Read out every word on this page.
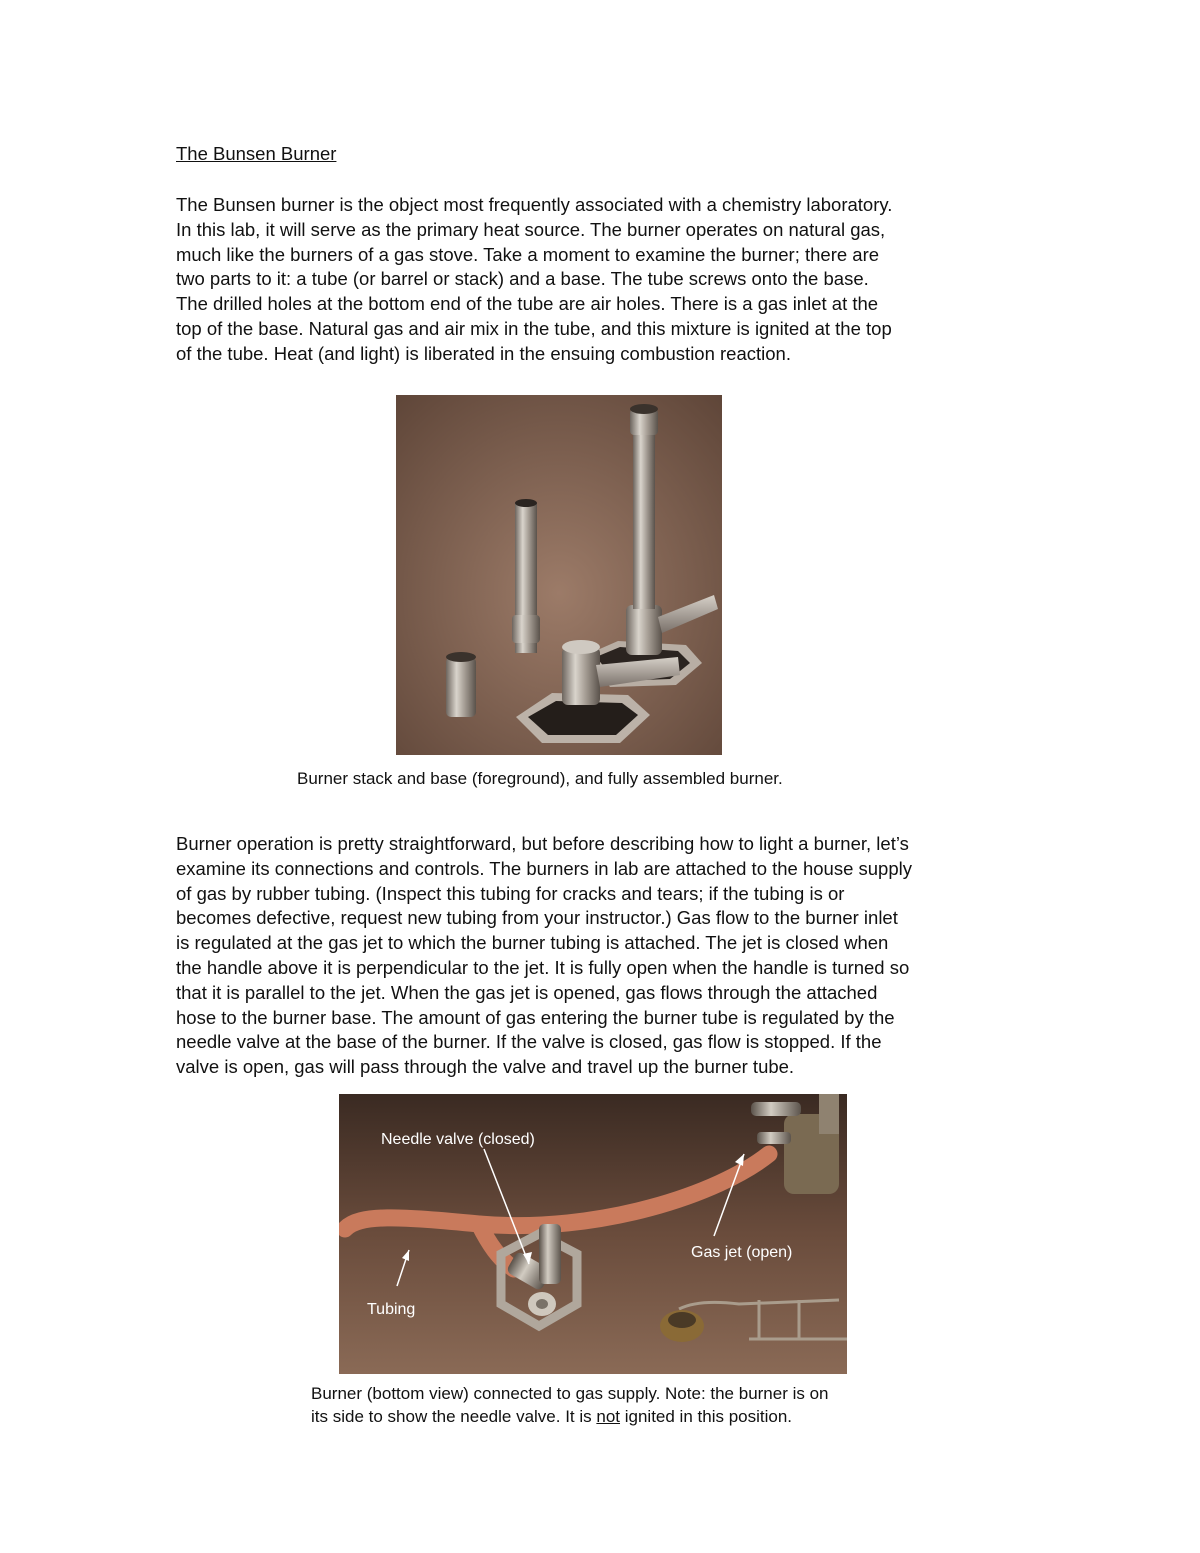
The Bunsen Burner
The Bunsen burner is the object most frequently associated with a chemistry laboratory.
In this lab, it will serve as the primary heat source. The burner operates on natural gas,
much like the burners of a gas stove. Take a moment to examine the burner; there are
two parts to it: a tube (or barrel or stack) and a base. The tube screws onto the base.
The drilled holes at the bottom end of the tube are air holes. There is a gas inlet at the
top of the base. Natural gas and air mix in the tube, and this mixture is ignited at the top
of the tube. Heat (and light) is liberated in the ensuing combustion reaction.
Burner stack and base (foreground), and fully assembled burner.
Burner operation is pretty straightforward, but before describing how to light a burner, let’s
examine its connections and controls. The burners in lab are attached to the house supply
of gas by rubber tubing. (Inspect this tubing for cracks and tears; if the tubing is or
becomes defective, request new tubing from your instructor.) Gas flow to the burner inlet
is regulated at the gas jet to which the burner tubing is attached. The jet is closed when
the handle above it is perpendicular to the jet. It is fully open when the handle is turned so
that it is parallel to the jet. When the gas jet is opened, gas flows through the attached
hose to the burner base. The amount of gas entering the burner tube is regulated by the
needle valve at the base of the burner. If the valve is closed, gas flow is stopped. If the
valve is open, gas will pass through the valve and travel up the burner tube.
Needle valve (closed)
Gas jet (open)
Tubing
Burner (bottom view) connected to gas supply. Note: the burner is on
its side to show the needle valve. It is not ignited in this position.
